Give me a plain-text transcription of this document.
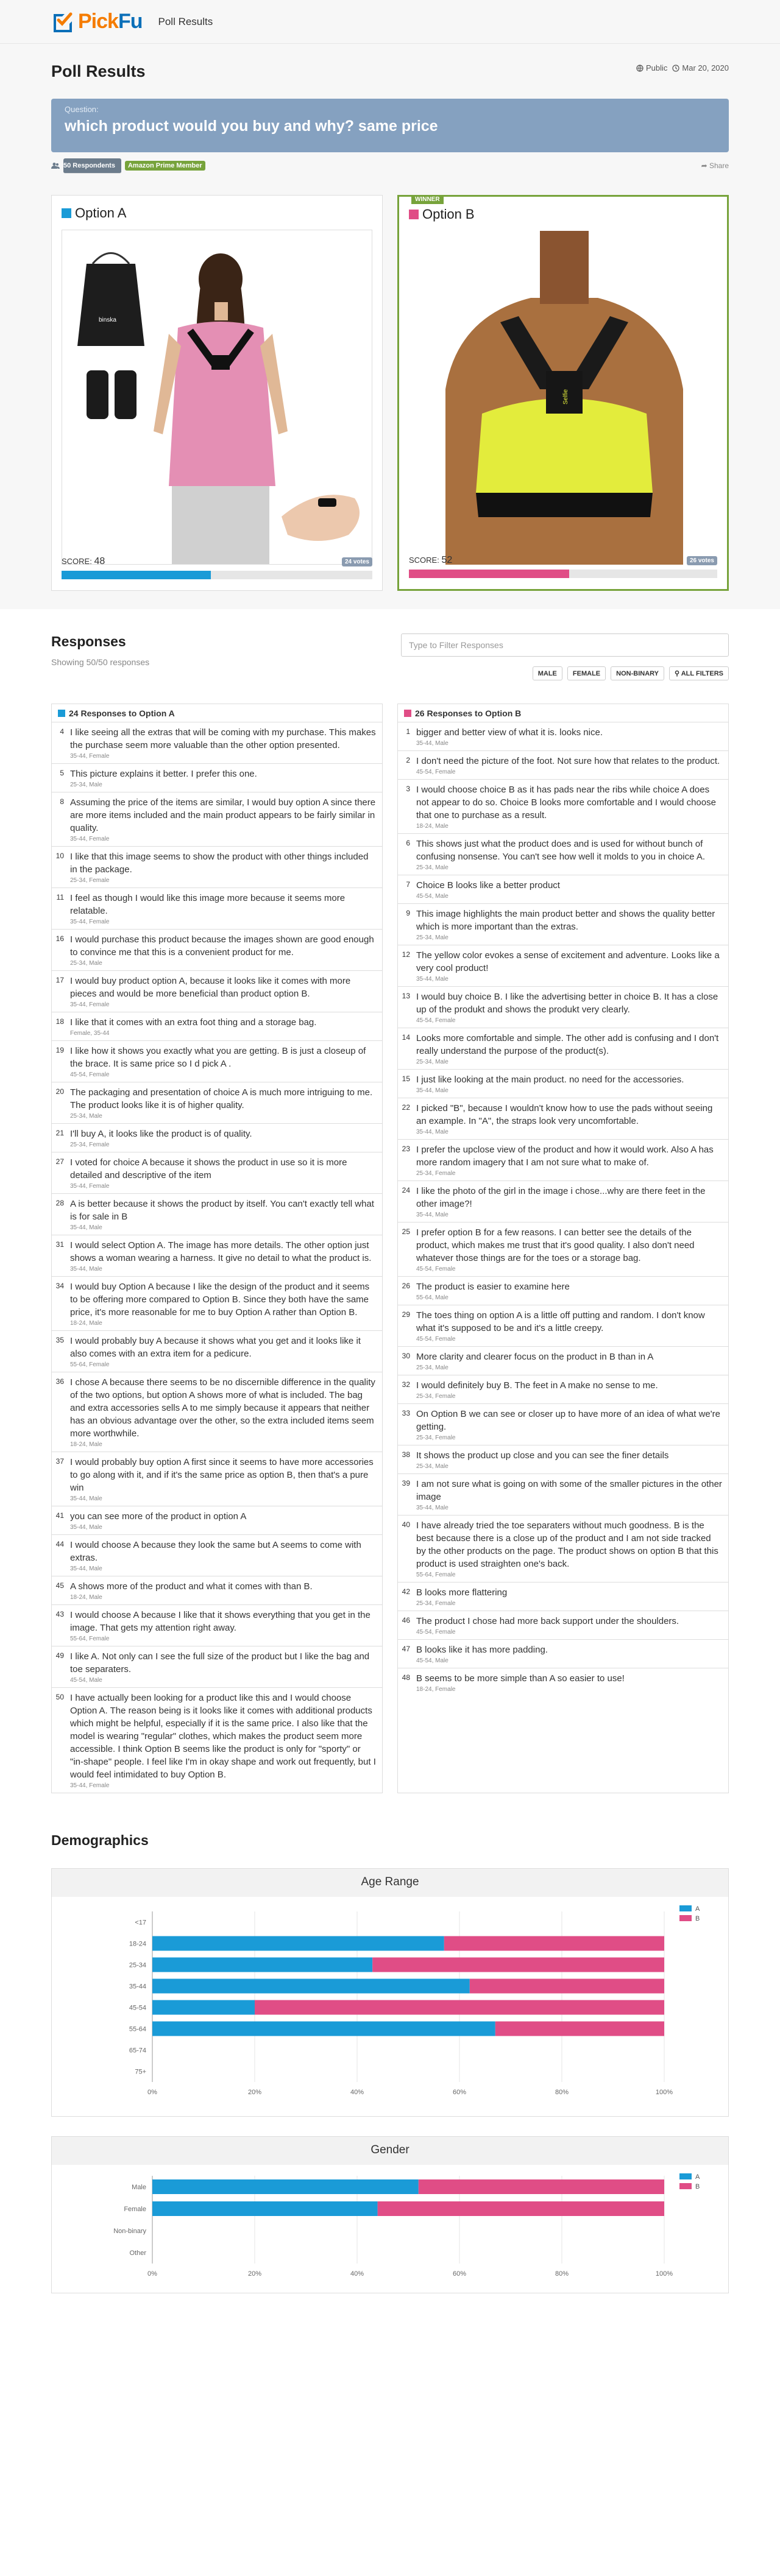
PickFu Poll Results
Poll Results	Public Mar 20, 2020
Question:
which product would you buy and why? same price
50 Respondents	Amazon Prime Member	➦ Share
Option A
binska
SCORE: 48	24 votes
WINNER
Option B
Selfie
SCORE: 52	26 votes
Responses
Showing 50/50 responses
Type to Filter Responses
MALE	FEMALE	NON-BINARY	⚲ ALL FILTERS
24 Responses to Option A
4 I like seeing all the extras that will be coming with my purchase. This makes the purchase seem more valuable than the other option presented.
35-44, Female
5 This picture explains it better. I prefer this one.
25-34, Male
8 Assuming the price of the items are similar, I would buy option A since there are more items included and the main product appears to be fairly similar in quality.
35-44, Female
10 I like that this image seems to show the product with other things included in the package.
25-34, Female
11 I feel as though I would like this image more because it seems more relatable.
35-44, Female
16 I would purchase this product because the images shown are good enough to convince me that this is a convenient product for me.
25-34, Male
17 I would buy product option A, because it looks like it comes with more pieces and would be more beneficial than product option B.
35-44, Female
18 I like that it comes with an extra foot thing and a storage bag.
Female, 35-44
19 I like how it shows you exactly what you are getting. B is just a closeup of the brace. It is same price so I d pick A .
45-54, Female
20 The packaging and presentation of choice A is much more intriguing to me. The product looks like it is of higher quality.
25-34, Male
21 I'll buy A, it looks like the product is of quality.
25-34, Female
27 I voted for choice A because it shows the product in use so it is more detailed and descriptive of the item
35-44, Female
28 A is better because it shows the product by itself. You can't exactly tell what is for sale in B
35-44, Male
31 I would select Option A. The image has more details. The other option just shows a woman wearing a harness. It give no detail to what the product is.
35-44, Male
34 I would buy Option A because I like the design of the product and it seems to be offering more compared to Option B. Since they both have the same price, it's more reasonable for me to buy Option A rather than Option B.
18-24, Male
35 I would probably buy A because it shows what you get and it looks like it also comes with an extra item for a pedicure.
55-64, Female
36 I chose A because there seems to be no discernible difference in the quality of the two options, but option A shows more of what is included. The bag and extra accessories sells A to me simply because it appears that neither has an obvious advantage over the other, so the extra included items seem more worthwhile.
18-24, Male
37 I would probably buy option A first since it seems to have more accessories to go along with it, and if it's the same price as option B, then that's a pure win
35-44, Male
41 you can see more of the product in option A
35-44, Male
44 I would choose A because they look the same but A seems to come with extras.
35-44, Male
45 A shows more of the product and what it comes with than B.
18-24, Male
43 I would choose A because I like that it shows everything that you get in the image. That gets my attention right away.
55-64, Female
49 I like A. Not only can I see the full size of the product but I like the bag and toe separaters.
45-54, Male
50 I have actually been looking for a product like this and I would choose Option A. The reason being is it looks like it comes with additional products which might be helpful, especially if it is the same price. I also like that the model is wearing "regular" clothes, which makes the product seem more accessible. I think Option B seems like the product is only for "sporty" or "in-shape" people. I feel like I'm in okay shape and work out frequently, but I would feel intimidated to buy Option B.
35-44, Female
26 Responses to Option B
1 bigger and better view of what it is. looks nice.
35-44, Male
2 I don't need the picture of the foot. Not sure how that relates to the product.
45-54, Female
3 I would choose choice B as it has pads near the ribs while choice A does not appear to do so. Choice B looks more comfortable and I would choose that one to purchase as a result.
18-24, Male
6 This shows just what the product does and is used for without bunch of confusing nonsense. You can't see how well it molds to you in choice A.
25-34, Male
7 Choice B looks like a better product
45-54, Male
9 This image highlights the main product better and shows the quality better which is more important than the extras.
25-34, Male
12 The yellow color evokes a sense of excitement and adventure. Looks like a very cool product!
35-44, Male
13 I would buy choice B. I like the advertising better in choice B. It has a close up of the produkt and shows the produkt very clearly.
45-54, Female
14 Looks more comfortable and simple. The other add is confusing and I don't really understand the purpose of the product(s).
25-34, Male
15 I just like looking at the main product. no need for the accessories.
35-44, Male
22 I picked "B", because I wouldn't know how to use the pads without seeing an example. In "A", the straps look very uncomfortable.
35-44, Male
23 I prefer the upclose view of the product and how it would work. Also A has more random imagery that I am not sure what to make of.
25-34, Female
24 I like the photo of the girl in the image i chose...why are there feet in the other image?!
35-44, Male
25 I prefer option B for a few reasons. I can better see the details of the product, which makes me trust that it's good quality. I also don't need whatever those things are for the toes or a storage bag.
45-54, Female
26 The product is easier to examine here
55-64, Male
29 The toes thing on option A is a little off putting and random. I don't know what it's supposed to be and it's a little creepy.
45-54, Female
30 More clarity and clearer focus on the product in B than in A
25-34, Male
32 I would definitely buy B. The feet in A make no sense to me.
25-34, Female
33 On Option B we can see or closer up to have more of an idea of what we're getting.
25-34, Female
38 It shows the product up close and you can see the finer details
25-34, Male
39 I am not sure what is going on with some of the smaller pictures in the other image
35-44, Male
40 I have already tried the toe separaters without much goodness. B is the best because there is a close up of the product and I am not side tracked by the other products on the page. The product shows on option B that this product is used straighten one's back.
55-64, Female
42 B looks more flattering
25-34, Female
46 The product I chose had more back support under the shoulders.
45-54, Female
47 B looks like it has more padding.
45-54, Male
48 B seems to be more simple than A so easier to use!
18-24, Female
Demographics
Age Range
0%	20%	40%	60%	80%	100%
<17
18-24
25-34
35-44
45-54
55-64
65-74
75+
A
B
Gender
0%	20%	40%	60%	80%	100%
Male
Female
Non-binary
Other
A
B
